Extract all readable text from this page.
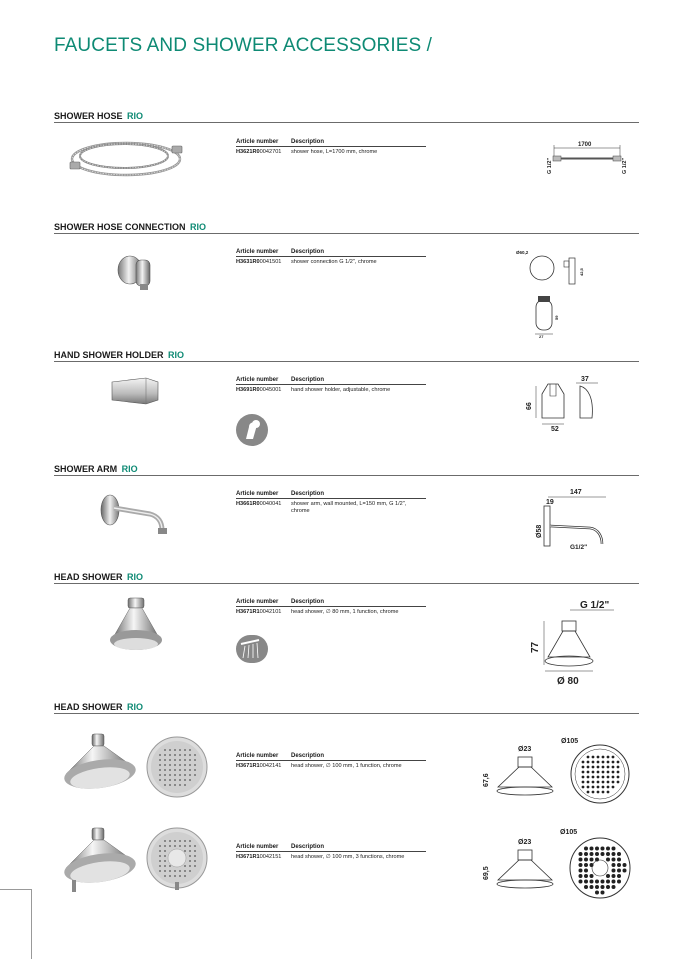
FAUCETS AND SHOWER ACCESSORIES /
SHOWER HOSE RIO
Article number	Description
H3621R00042701	shower hose, L=1700 mm, chrome
1700
G 1/2"	G 1/2"
SHOWER HOSE CONNECTION RIO
Article number	Description
H3631R00041501	shower connection G 1/2", chrome
Ø60,2
42,5
27
59
HAND SHOWER HOLDER RIO
Article number	Description
H3691R00045001	hand shower holder, adjustable, chrome
37
52
66
SHOWER ARM RIO
Article number	Description
H3661R00040041	shower arm, wall mounted, L=150 mm, G 1/2",
chrome
147
19
Ø58
G1/2"
HEAD SHOWER RIO
Article number	Description
H3671R10042101	head shower, ∅ 80 mm, 1 function, chrome
G 1/2"
77
Ø 80
HEAD SHOWER RIO
Article number	Description
H3671R10042141	head shower, ∅ 100 mm, 1 function, chrome
Ø23
67,6
Ø105
Article number	Description
H3671R10042151	head shower, ∅ 100 mm, 3 functions, chrome
Ø23
69,5
Ø105
